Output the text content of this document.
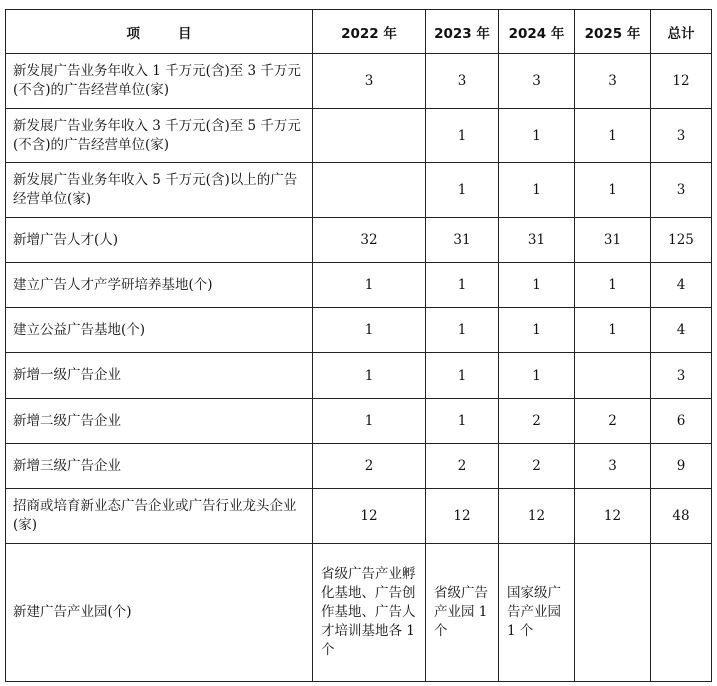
项 目	2022 年	2023 年	2024 年	2025 年	总计
新发展广告业务年收入 1 千万元(含)至 3 千万元(不含)的广告经营单位(家)	3	3	3	3	12
新发展广告业务年收入 3 千万元(含)至 5 千万元(不含)的广告经营单位(家)		1	1	1	3
新发展广告业务年收入 5 千万元(含)以上的广告经营单位(家)		1	1	1	3
新增广告人才(人)	32	31	31	31	125
建立广告人才产学研培养基地(个)	1	1	1	1	4
建立公益广告基地(个)	1	1	1	1	4
新增一级广告企业	1	1	1		3
新增二级广告企业	1	1	2	2	6
新增三级广告企业	2	2	2	3	9
招商或培育新业态广告企业或广告行业龙头企业(家)	12	12	12	12	48
新建广告产业园(个)	省级广告产业孵化基地、广告创作基地、广告人才培训基地各 1 个	省级广告产业园 1 个	国家级广告产业园 1 个		
